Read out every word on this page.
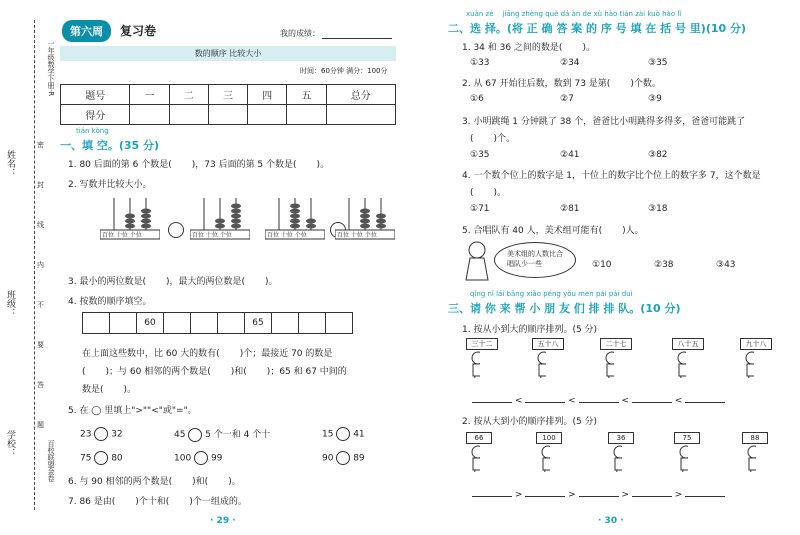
姓名：
班级：
学校：
密
封
线
内
不
要
答
题
一年级数学下册·R
百校联盟金卷
第六周	复习卷	我的成绩：
数的顺序 比较大小
时间：60分钟 满分：100分
题号	一	二	三	四	五	总分
得分						
tián kòng
一、填 空。(35 分)
1. 80 后面的第 6 个数是(       )，73 后面的第 5 个数是(       )。
2. 写数并比较大小。
百位 十位 个位	百位 十位 个位	百位 十位 个位	百位 十位 个位
3. 最小的两位数是(       )，最大的两位数是(       )。
4. 按数的顺序填空。
		60				65			
在上面这些数中，比 60 大的数有(       )个；最接近 70 的数是
(       )；与 60 相邻的两个数是(       )和(       )；65 和 67 中间的
数是(       )。
5. 在 ◯ 里填上">""<"或"="。
23 32	45 5 个一和 4 个十	15 41
75 80	100 99	90 89
6. 与 90 相邻的两个数是(       )和(       )。
7. 86 是由(       )个十和(       )个一组成的。
· 29 ·
xuǎn zé    jiāng zhèng què dá àn de xù hào tián zài kuò hào lǐ
二、选 择。(将 正 确 答 案 的 序 号 填 在 括 号 里)(10 分)
1. 34 和 36 之间的数是(       )。
①33	②34	③35
2. 从 67 开始往后数，数到 73 是第(       )个数。
①6	②7	③9
3. 小明跳绳 1 分钟跳了 38 个，爸爸比小明跳得多得多，爸爸可能跳了
(       )个。
①35	②41	③82
4. 一个数个位上的数字是 1，十位上的数字比个位上的数字多 7，这个数是
(       )。
①71	②81	③18
5. 合唱队有 40 人，美术组可能有(       )人。
美术组的人数比合唱队少一些	①10	②38	③43
qǐng nǐ lái bāng xiǎo péng yǒu men pái pái duì
三、请 你 来 帮 小 朋 友 们 排 排 队。(10 分)
1. 按从小到大的顺序排列。(5 分)
三十二	五十八	二十七	八十五	九十八
<	<	<	<
2. 按从大到小的顺序排列。(5 分)
66	100	36	75	88
>	>	>	>
· 30 ·
